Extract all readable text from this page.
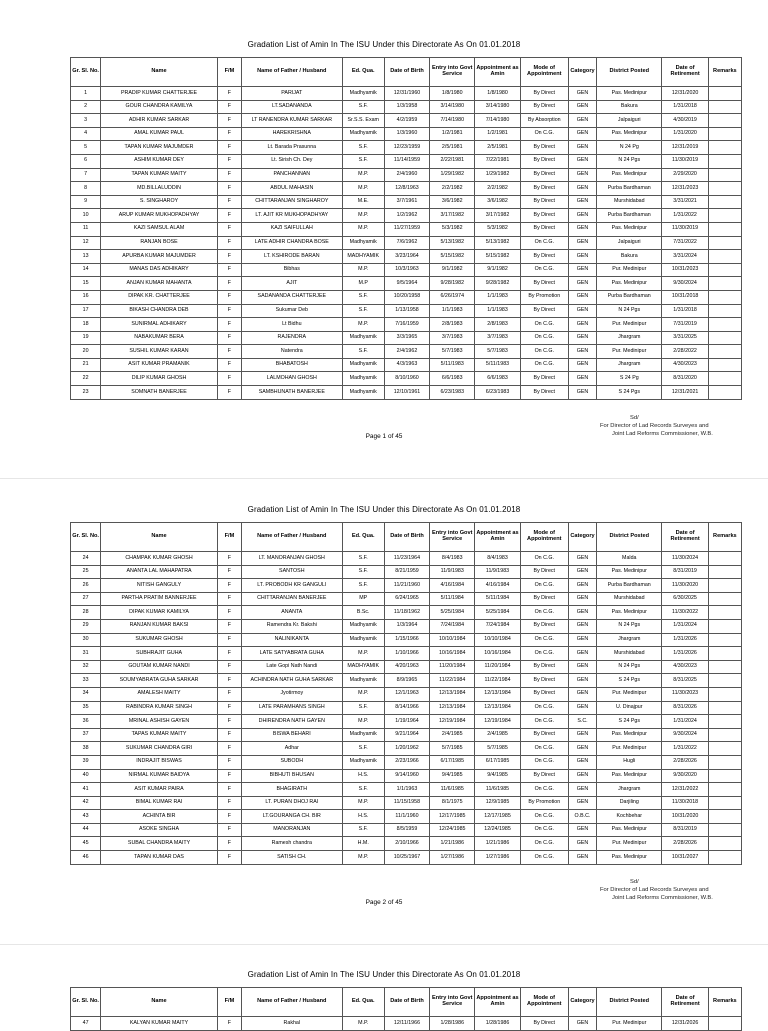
Gradation List of Amin In The ISU Under this Directorate As On 01.01.2018
Gr. Sl. No.	Name	F/M	Name of Father / Husband	Ed. Qua.	Date of Birth	Entry into Govt Service	Appointment as Amin	Mode of Appointment	Category	District Posted	Date of Retirement	Remarks
1	PRADIP KUMAR CHATTERJEE	F	PARIJAT	Madhyamik	12/31/1960	1/8/1980	1/8/1980	By Direct	GEN	Pas. Medinipur	12/31/2020	
2	GOUR CHANDRA KAMILYA	F	LT.SADANANDA	S.F.	1/3/1958	3/14/1980	3/14/1980	By Direct	GEN	Bakura	1/31/2018	
3	ADHIR KUMAR SARKAR	F	LT RANENDRA KUMAR SARKAR	Sr.S.S. Exam	4/2/1959	7/14/1980	7/14/1980	By Absorption	GEN	Jalpaiguri	4/30/2019	
4	AMAL KUMAR PAUL	F	HAREKRISHNA	Madhyamik	1/3/1960	1/2/1981	1/2/1981	On C.G.	GEN	Pas. Medinipur	1/31/2020	
5	TAPAN KUMAR MAJUMDER	F	Lt. Barada Prasunna	S.F.	12/23/1959	2/5/1981	2/5/1981	By Direct	GEN	N 24 Pg	12/31/2019	
6	ASHIM KUMAR DEY	F	Lt. Sirish Ch. Dey	S.F.	11/14/1959	2/22/1981	7/22/1981	By Direct	GEN	N 24 Pgs	11/30/2019	
7	TAPAN KUMAR MAITY	F	PANCHANNAN	M.P.	2/4/1960	1/29/1982	1/29/1982	By Direct	GEN	Pas. Medinipur	2/29/2020	
8	MD.BILLALUDDIN	F	ABDUL MAHASIN	M.P.	12/8/1963	2/2/1982	2/2/1982	By Direct	GEN	Purba Bardhaman	12/31/2023	
9	S. SINGHAROY	F	CHITTARANJAN SINGHAROY	M.E.	3/7/1961	3/6/1982	3/6/1982	By Direct	GEN	Murshidabad	3/31/2021	
10	ARUP KUMAR MUKHOPADHYAY	F	LT. AJIT KR MUKHOPADHYAY	M.P.	1/2/1962	3/17/1982	3/17/1982	By Direct	GEN	Purba Bardhaman	1/31/2022	
11	KAZI SAMSUL ALAM	F	KAZI SAIFULLAH	M.P.	11/27/1959	5/3/1982	5/3/1982	By Direct	GEN	Pas. Medinipur	11/30/2019	
12	RANJAN BOSE	F	LATE ADHIR CHANDRA BOSE	Madhyamik	7/6/1962	5/13/1982	5/13/1982	On C.G.	GEN	Jalpaiguri	7/31/2022	
13	APURBA KUMAR MAJUMDER	F	LT. KSHIRODE BARAN	MADHYAMIK	3/23/1964	5/15/1982	5/15/1982	By Direct	GEN	Bakura	3/31/2024	
14	MANAS DAS ADHIKARY	F	Bibhas	M.P.	10/3/1963	9/1/1982	9/1/1982	On C.G.	GEN	Pur. Medinipur	10/31/2023	
15	ANJAN KUMAR MAHANTA	F	AJIT	M.P	9/5/1964	9/28/1982	9/28/1982	By Direct	GEN	Pas. Medinipur	9/30/2024	
16	DIPAK KR. CHATTERJEE	F	SADANANDA CHATTERJEE	S.F.	10/20/1958	6/26/1974	1/1/1983	By Promotion	GEN	Purba Bardhaman	10/31/2018	
17	BIKASH CHANDRA DEB	F	Sukumar Deb	S.F.	1/13/1958	1/1/1983	1/1/1983	By Direct	GEN	N 24 Pgs	1/31/2018	
18	SUNIRMAL ADHIKARY	F	Lt Bidhu	M.P.	7/16/1959	2/8/1983	2/8/1983	On C.G.	GEN	Pur. Medinipur	7/31/2019	
19	NABAKUMAR BERA	F	RAJENDRA	Madhyamik	3/3/1965	3/7/1983	3/7/1983	On C.G.	GEN	Jhargram	3/31/2025	
20	SUSHIL KUMAR KARAN	F	Natendra	S.F.	2/4/1962	5/7/1983	5/7/1983	On C.G.	GEN	Pur. Medinipur	2/28/2022	
21	ASIT KUMAR PRAMANIK	F	BHABATOSH	Madhyamik	4/3/1963	5/11/1983	5/11/1983	On C.G.	GEN	Jhargram	4/30/2023	
22	DILIP KUMAR GHOSH	F	LALMOHAN GHOSH	Madhyamik	8/10/1960	6/6/1983	6/6/1983	By Direct	GEN	S 24 Pg	8/31/2020	
23	SOMNATH BANERJEE	F	SAMBHUNATH BANERJEE	Madhyamik	12/10/1961	6/23/1983	6/23/1983	By Direct	GEN	S 24 Pgs	12/31/2021	
Sd/
For Director of Lad Records Surveyes and
Joint Lad Reforms Commissioner, W.B.
Page 1 of 45
Gradation List of Amin In The ISU Under this Directorate As On 01.01.2018
Gr. Sl. No.	Name	F/M	Name of Father / Husband	Ed. Qua.	Date of Birth	Entry into Govt Service	Appointment as Amin	Mode of Appointment	Category	District Posted	Date of Retirement	Remarks
24	CHAMPAK KUMAR GHOSH	F	LT. MANORANJAN GHOSH	S.F.	11/23/1964	8/4/1983	8/4/1983	On C.G.	GEN	Malda	11/30/2024	
25	ANANTA LAL MAHAPATRA	F	SANTOSH	S.F.	8/21/1959	11/9/1983	11/9/1983	By Direct	GEN	Pas. Medinipur	8/31/2019	
26	NITISH GANGULY	F	LT. PROBODH KR GANGULI	S.F.	11/21/1960	4/16/1984	4/16/1984	On C.G.	GEN	Purba Bardhaman	11/30/2020	
27	PARTHA PRATIM BANNERJEE	F	CHITTARANJAN BANERJEE	MP	6/24/1965	5/11/1984	5/11/1984	By Direct	GEN	Murshidabad	6/30/2025	
28	DIPAK KUMAR KAMILYA	F	ANANTA	B.Sc.	11/18/1962	5/25/1984	5/25/1984	On C.G.	GEN	Pas. Medinipur	11/30/2022	
29	RANJAN KUMAR BAKSI	F	Ramendra Kr. Bakshi	Madhyamik	1/3/1964	7/24/1984	7/24/1984	By Direct	GEN	N 24 Pgs	1/31/2024	
30	SUKUMAR GHOSH	F	NALINIKANTA	Madhyamik	1/15/1966	10/10/1984	10/10/1984	On C.G.	GEN	Jhargram	1/31/2026	
31	SUBHRAJIT GUHA	F	LATE SATYABRATA GUHA	M.P.	1/10/1966	10/16/1984	10/16/1984	On C.G.	GEN	Murshidabad	1/31/2026	
32	GOUTAM KUMAR NANDI	F	Late Gopi Nath Nandi	MADHYAMIK	4/20/1963	11/20/1984	11/20/1984	By Direct	GEN	N 24 Pgs	4/30/2023	
33	SOUMYABRATA GUHA SARKAR	F	ACHINDRA NATH GUHA SARKAR	Madhyamik	8/9/1965	11/22/1984	11/22/1984	By Direct	GEN	S 24 Pgs	8/31/2025	
34	AMALESH MAITY	F	Jyotirmoy	M.P.	12/1/1963	12/13/1984	12/13/1984	By Direct	GEN	Pur. Medinipur	11/30/2023	
35	RABINDRA KUMAR SINGH	F	LATE PARAMHANS SINGH	S.F.	8/14/1966	12/13/1984	12/13/1984	On C.G.	GEN	U. Dinajpur	8/31/2026	
36	MRINAL ASHISH GAYEN	F	DHIRENDRA NATH GAYEN	M.P.	1/19/1964	12/19/1984	12/19/1984	On C.G.	S.C.	S 24 Pgs	1/31/2024	
37	TAPAS KUMAR MAITY	F	BISWA BEHARI	Madhyamik	9/21/1964	2/4/1985	2/4/1985	By Direct	GEN	Pas. Medinipur	9/30/2024	
38	SUKUMAR CHANDRA GIRI	F	Adhar	S.F.	1/20/1962	5/7/1985	5/7/1985	On C.G.	GEN	Pur. Medinipur	1/31/2022	
39	INDRAJIT BISWAS	F	SUBODH	Madhyamik	2/23/1966	6/17/1985	6/17/1985	On C.G.	GEN	Hugli	2/28/2026	
40	NIRMAL KUMAR BAIDYA	F	BIBHUTI BHUSAN	H.S.	9/14/1960	9/4/1985	9/4/1985	By Direct	GEN	Pas. Medinipur	9/30/2020	
41	ASIT KUMAR PAIRA	F	BHAGIRATH	S.F.	1/1/1963	11/6/1985	11/6/1985	On C.G.	GEN	Jhargram	12/31/2022	
42	BIMAL KUMAR RAI	F	LT. PURAN DHOJ RAI	M.P.	11/15/1958	8/1/1975	12/9/1985	By Promotion	GEN	Darjiling	11/30/2018	
43	ACHINTA BIR	F	LT.GOURANGA CH. BIR	H.S.	11/1/1960	12/17/1985	12/17/1985	On C.G.	O.B.C.	Kochbehar	10/31/2020	
44	ASOKE SINGHA	F	MANORANJAN	S.F.	8/5/1959	12/24/1985	12/24/1985	On C.G.	GEN	Pas. Medinipur	8/31/2019	
45	SUBAL CHANDRA MAITY	F	Ramesh chandra	H.M.	2/10/1966	1/21/1986	1/21/1986	On C.G.	GEN	Pur. Medinipur	2/28/2026	
46	TAPAN KUMAR DAS	F	SATISH CH.	M.P.	10/25/1967	1/27/1986	1/27/1986	On C.G.	GEN	Pas. Medinipur	10/31/2027	
Sd/
For Director of Lad Records Surveyes and
Joint Lad Reforms Commissioner, W.B.
Page 2 of 45
Gradation List of Amin In The ISU Under this Directorate As On 01.01.2018
Gr. Sl. No.	Name	F/M	Name of Father / Husband	Ed. Qua.	Date of Birth	Entry into Govt Service	Appointment as Amin	Mode of Appointment	Category	District Posted	Date of Retirement	Remarks
47	KALYAN KUMAR MAITY	F	Rakhal	M.P.	12/11/1966	1/28/1986	1/28/1986	By Direct	GEN	Pur. Medinipur	12/31/2026	
